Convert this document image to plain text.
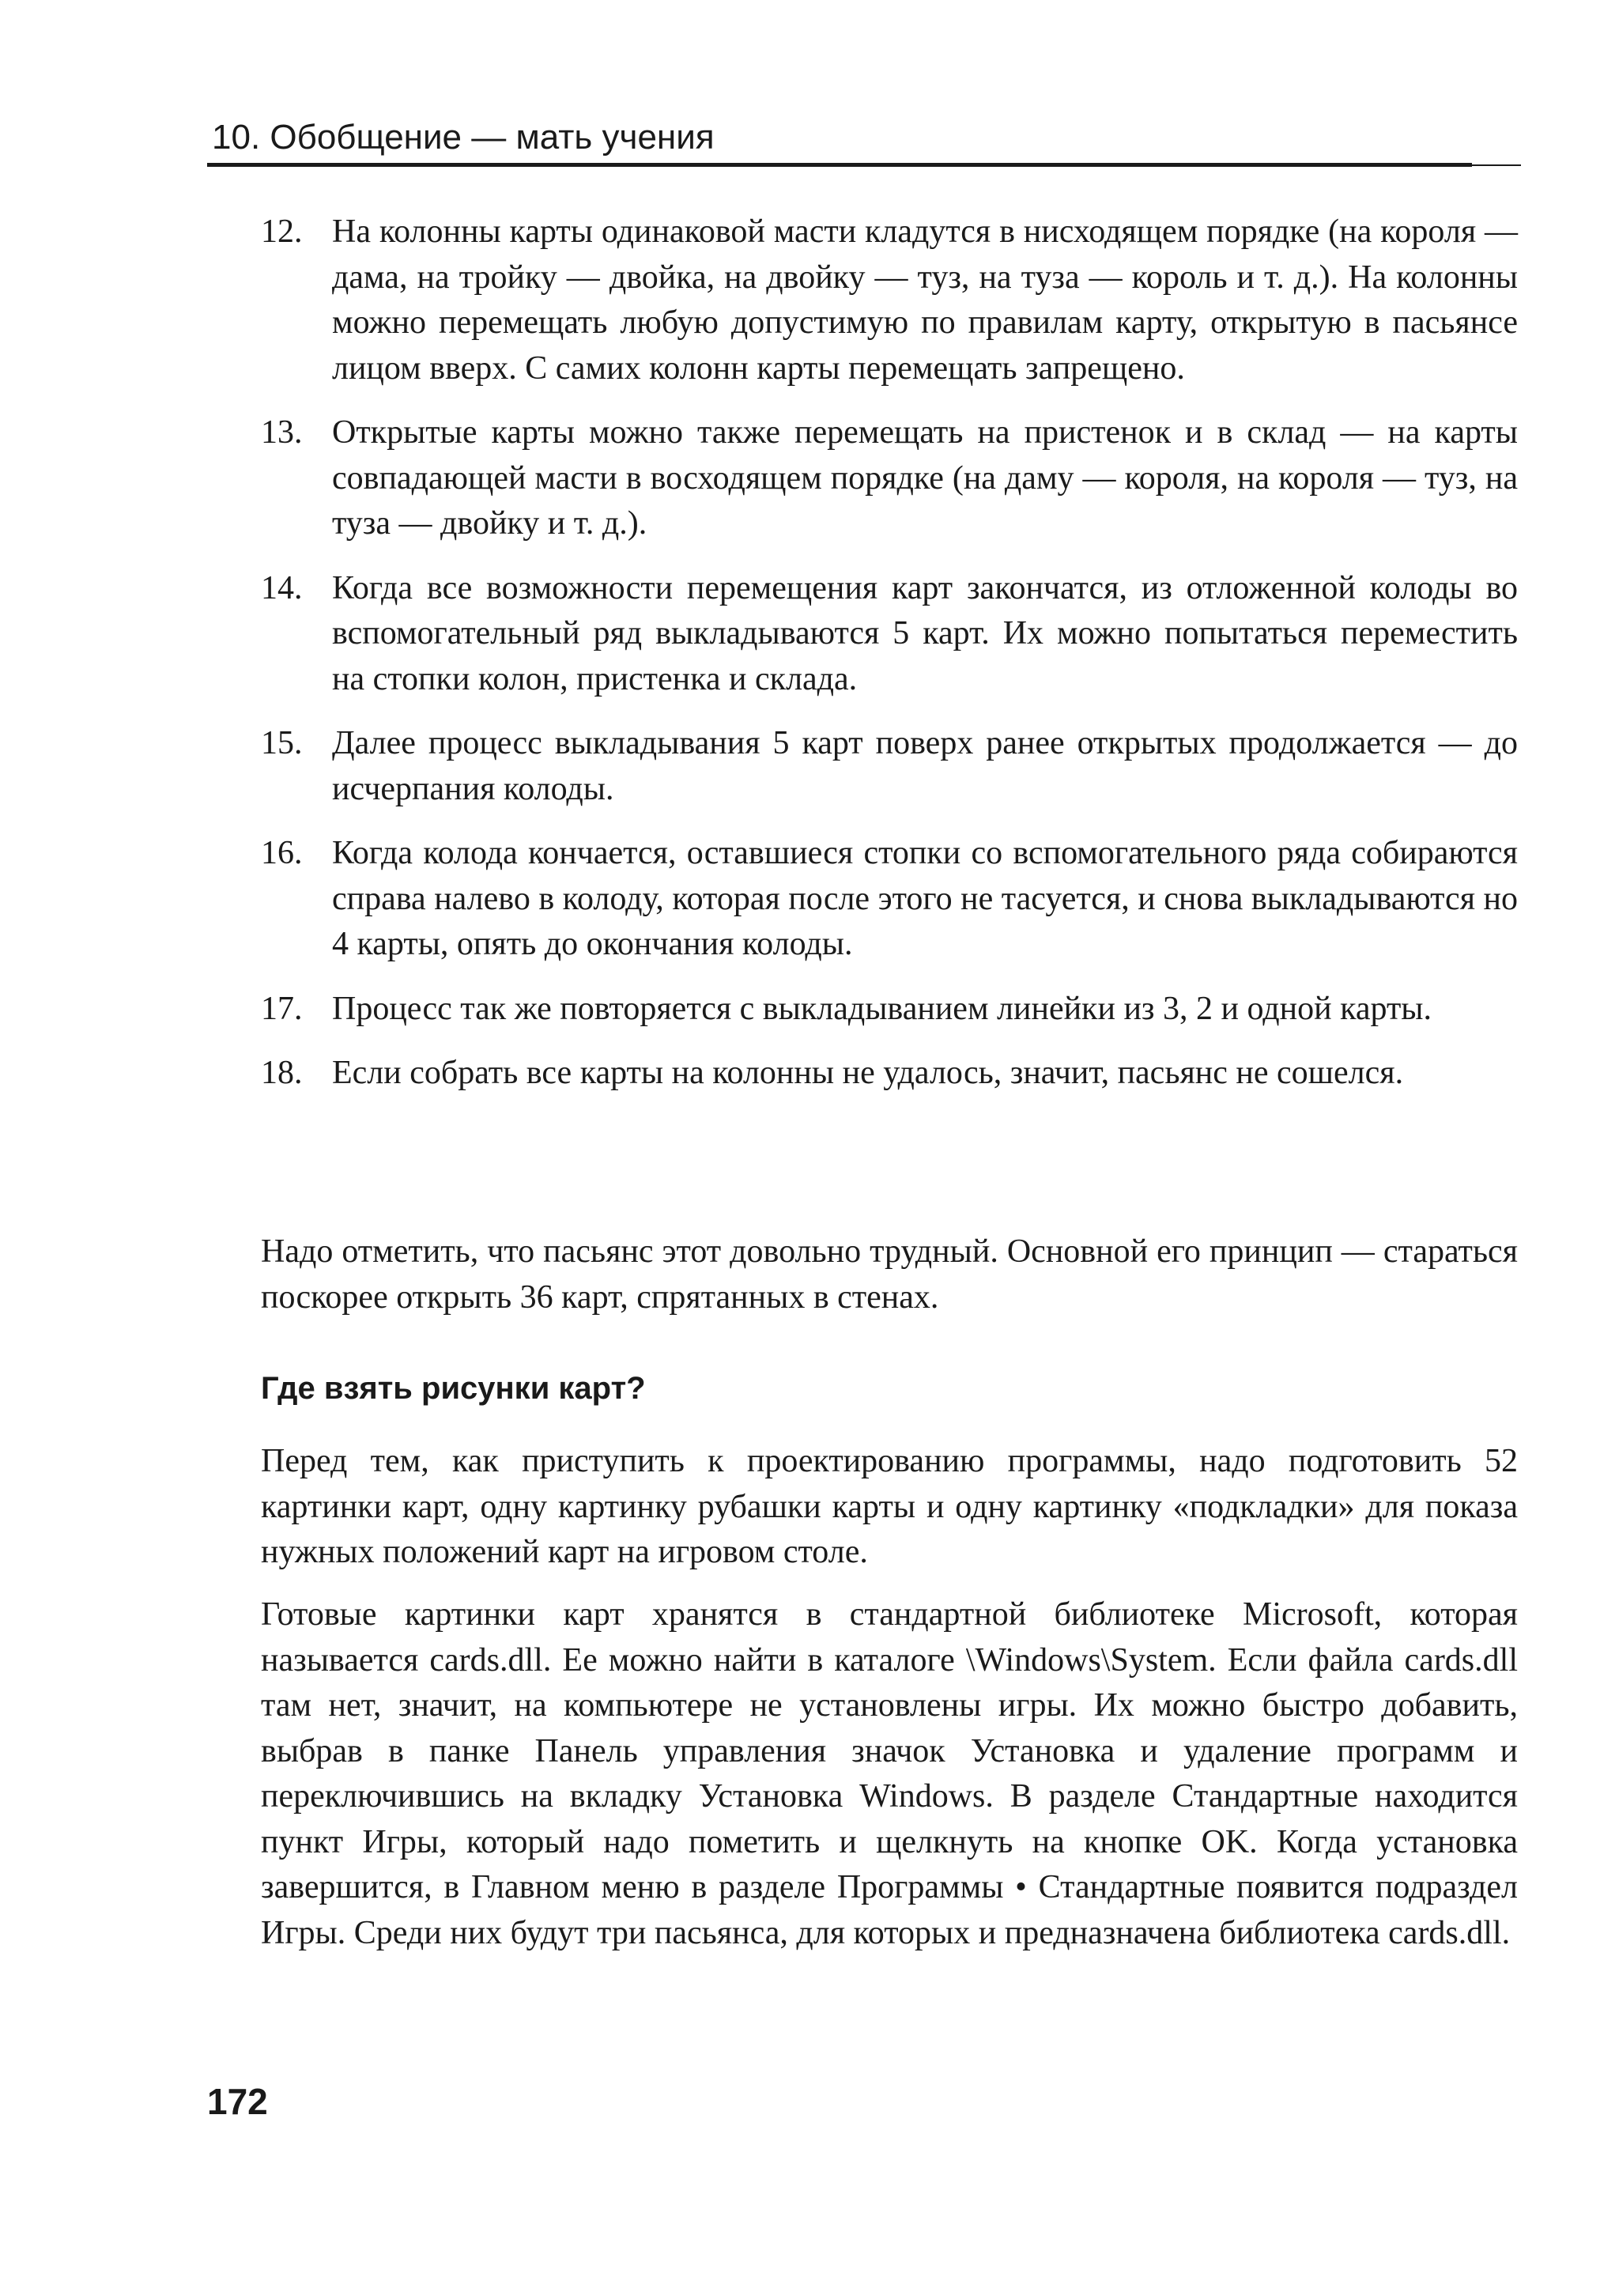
10. Обобщение — мать учения
12. На колонны карты одинаковой масти кладутся в нисходящем порядке (на короля — дама, на тройку — двойка, на двойку — туз, на туза — король и т. д.). На колонны можно перемещать любую допустимую по правилам карту, открытую в пасьянсе лицом вверх. С самих колонн карты перемещать запрещено.
13. Открытые карты можно также перемещать на пристенок и в склад — на карты совпадающей масти в восходящем порядке (на даму — короля, на короля — туз, на туза — двойку и т. д.).
14. Когда все возможности перемещения карт закончатся, из отложенной колоды во вспомогательный ряд выкладываются 5 карт. Их можно попытаться переместить на стопки колон, пристенка и склада.
15. Далее процесс выкладывания 5 карт поверх ранее открытых продолжается — до исчерпания колоды.
16. Когда колода кончается, оставшиеся стопки со вспомогательного ряда собираются справа налево в колоду, которая после этого не тасуется, и снова выкладываются но 4 карты, опять до окончания колоды.
17. Процесс так же повторяется с выкладыванием линейки из 3, 2 и одной карты.
18. Если собрать все карты на колонны не удалось, значит, пасьянс не сошелся.

Надо отметить, что пасьянс этот довольно трудный. Основной его принцип — стараться поскорее открыть 36 карт, спрятанных в стенах.

Где взять рисунки карт?

Перед тем, как приступить к проектированию программы, надо подготовить 52 картинки карт, одну картинку рубашки карты и одну картинку «подкладки» для показа нужных положений карт на игровом столе.

Готовые картинки карт хранятся в стандартной библиотеке Microsoft, которая называется cards.dll. Ее можно найти в каталоге \Windows\System. Если файла cards.dll там нет, значит, на компьютере не установлены игры. Их можно быстро добавить, выбрав в панке Панель управления значок Установка и удаление программ и переключившись на вкладку Установка Windows. В разделе Стандартные находится пункт Игры, который надо пометить и щелкнуть на кнопке OK. Когда установка завершится, в Главном меню в разделе Программы • Стандартные появится подраздел Игры. Среди них будут три пасьянса, для которых и предназначена библиотека cards.dll.

172
